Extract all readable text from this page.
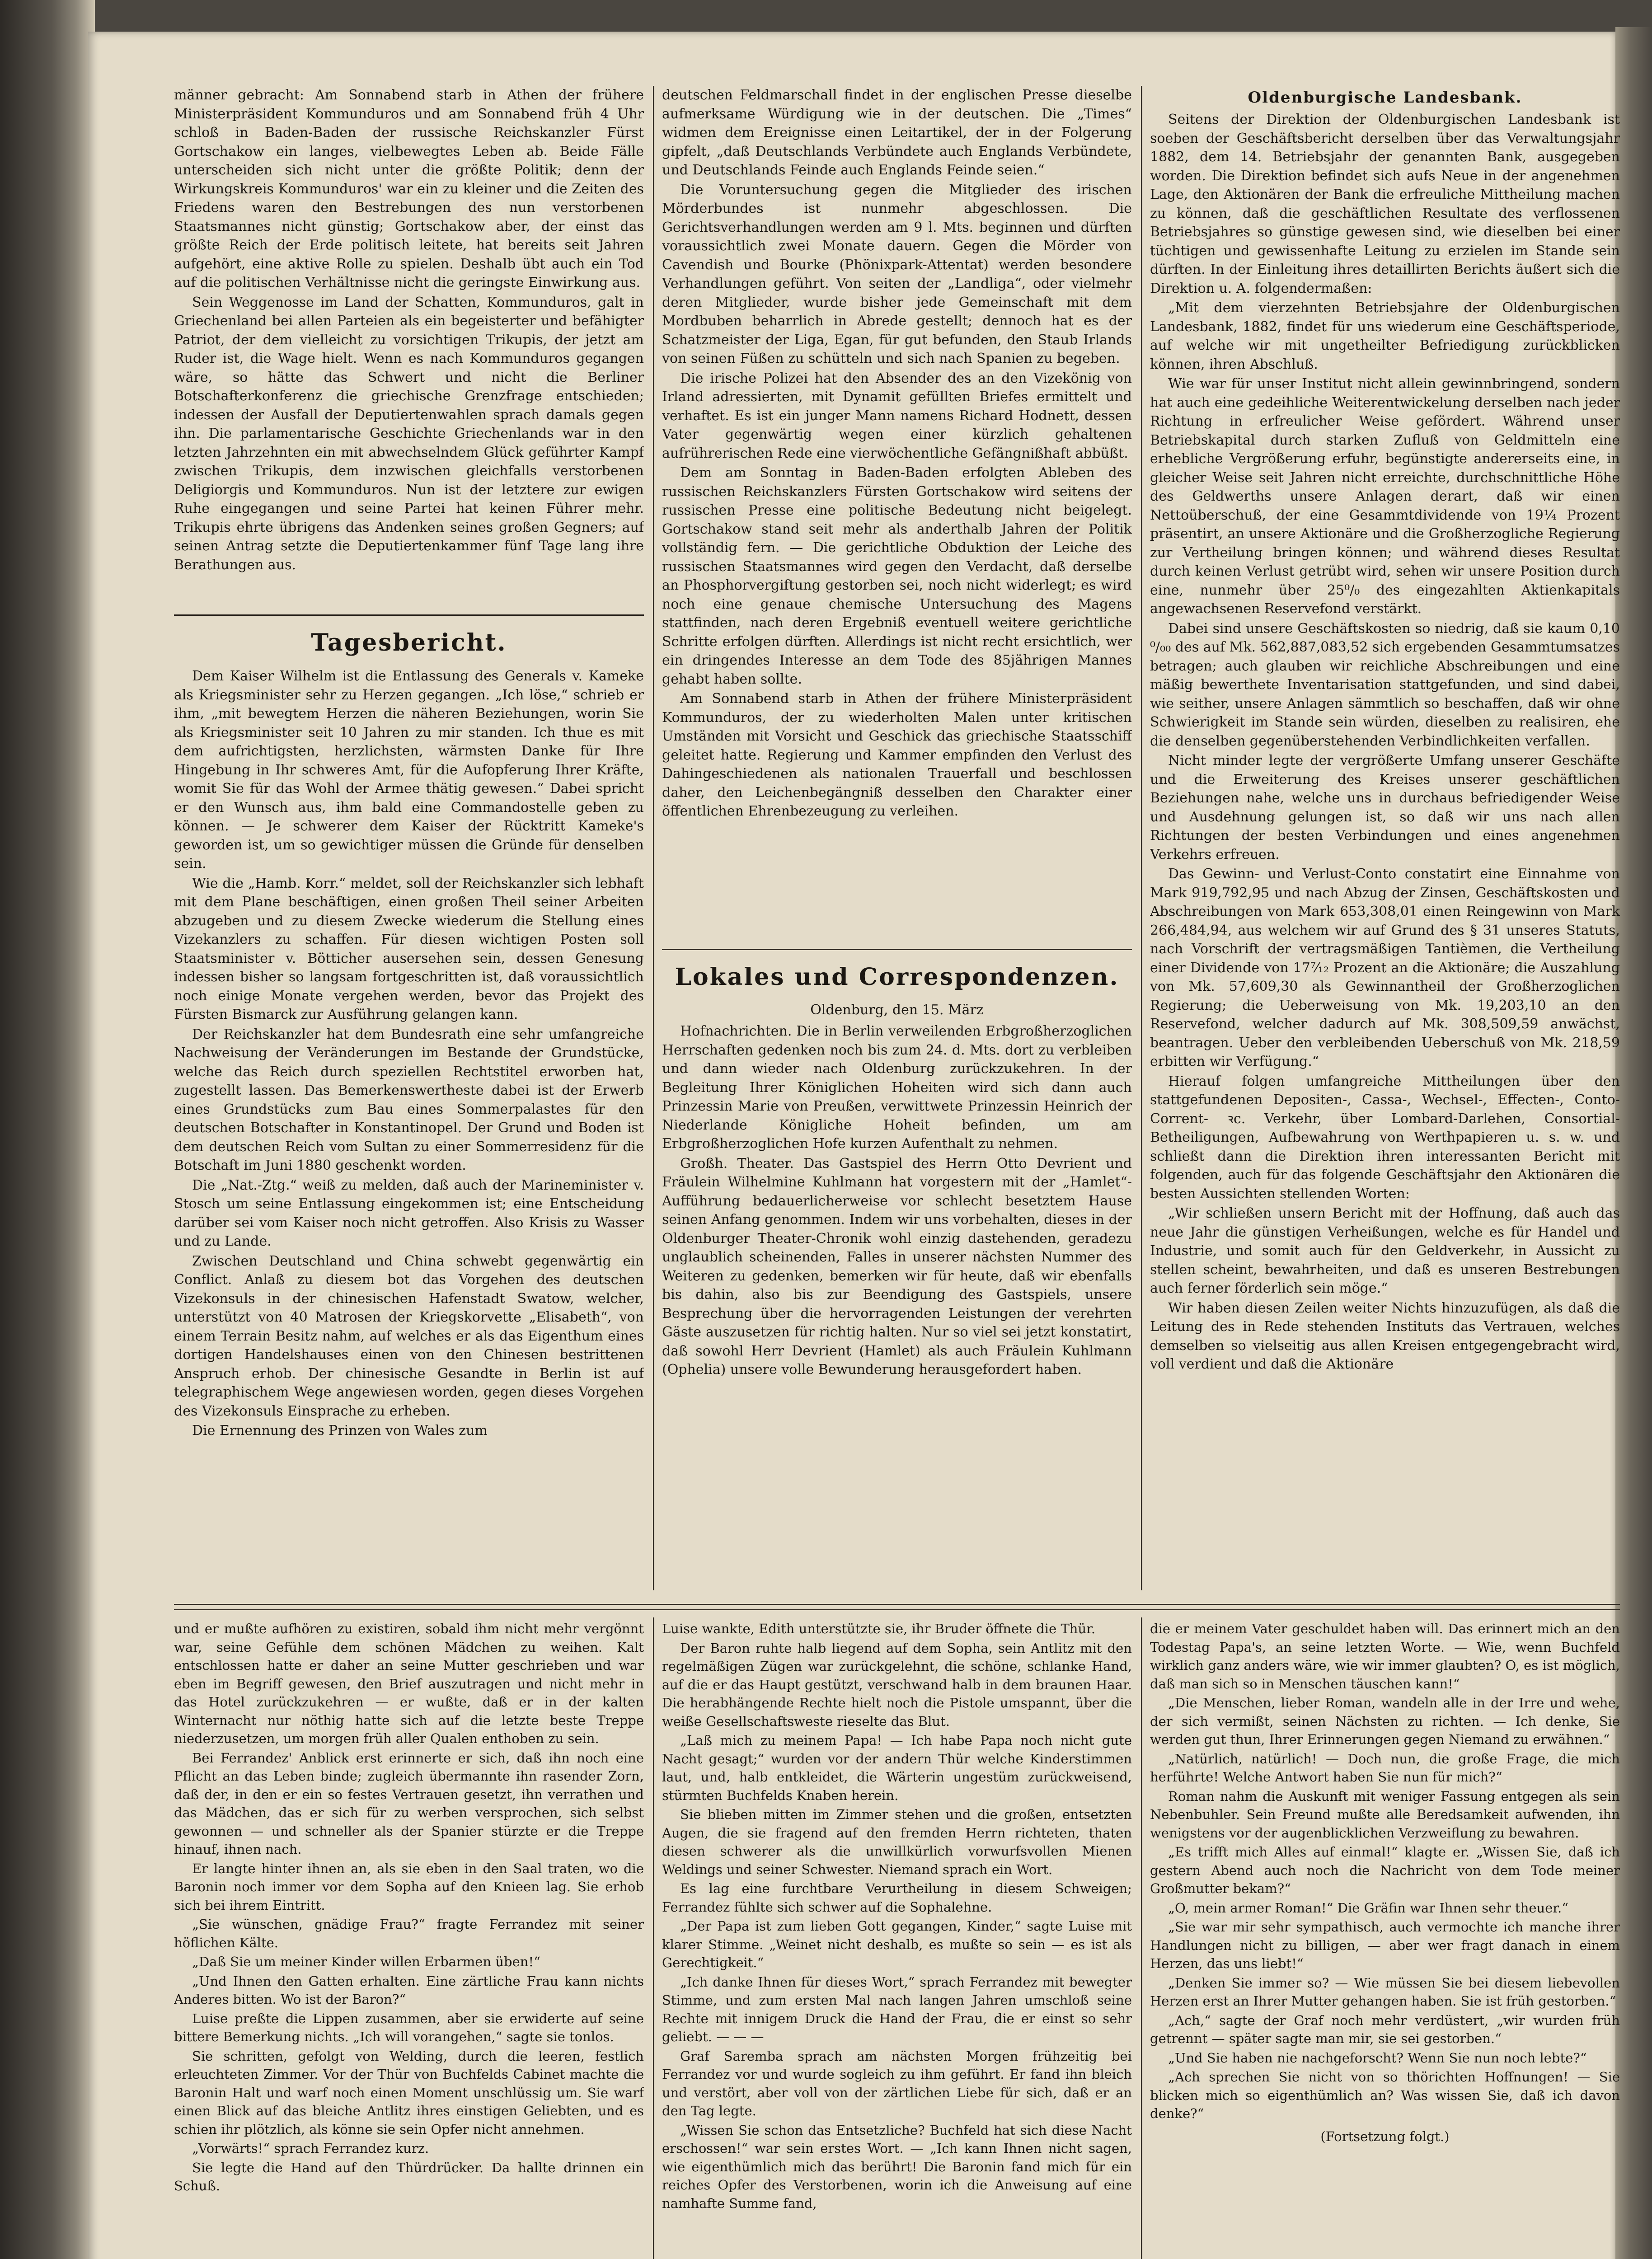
männer gebracht: Am Sonnabend starb in Athen der frühere Ministerpräsident Kommunduros und am Sonnabend früh 4 Uhr schloß in Baden-Baden der russische Reichskanzler Fürst Gortschakow ein langes, vielbewegtes Leben ab. Beide Fälle unterscheiden sich nicht unter die größte Politik; denn der Wirkungskreis Kommunduros' war ein zu kleiner und die Zeiten des Friedens waren den Bestrebungen des nun verstorbenen Staatsmannes nicht günstig; Gortschakow aber, der einst das größte Reich der Erde politisch leitete, hat bereits seit Jahren aufgehört, eine aktive Rolle zu spielen. Deshalb übt auch ein Tod auf die politischen Verhältnisse nicht die geringste Einwirkung aus.

Sein Weggenosse im Land der Schatten, Kommunduros, galt in Griechenland bei allen Parteien als ein begeisterter und befähigter Patriot, der dem vielleicht zu vorsichtigen Trikupis, der jetzt am Ruder ist, die Wage hielt. Wenn es nach Kommunduros gegangen wäre, so hätte das Schwert und nicht die Berliner Botschafterkonferenz die griechische Grenzfrage entschieden; indessen der Ausfall der Deputiertenwahlen sprach damals gegen ihn. Die parlamentarische Geschichte Griechenlands war in den letzten Jahrzehnten ein mit abwechselndem Glück geführter Kampf zwischen Trikupis, dem inzwischen gleichfalls verstorbenen Deligiorgis und Kommunduros. Nun ist der letztere zur ewigen Ruhe eingegangen und seine Partei hat keinen Führer mehr. Trikupis ehrte übrigens das Andenken seines großen Gegners; auf seinen Antrag setzte die Deputiertenkammer fünf Tage lang ihre Berathungen aus.

Tagesbericht.

Dem Kaiser Wilhelm ist die Entlassung des Generals v. Kameke als Kriegsminister sehr zu Herzen gegangen. „Ich löse,“ schrieb er ihm, „mit bewegtem Herzen die näheren Beziehungen, worin Sie als Kriegsminister seit 10 Jahren zu mir standen. Ich thue es mit dem aufrichtigsten, herzlichsten, wärmsten Danke für Ihre Hingebung in Ihr schweres Amt, für die Aufopferung Ihrer Kräfte, womit Sie für das Wohl der Armee thätig gewesen.“ Dabei spricht er den Wunsch aus, ihm bald eine Commandostelle geben zu können. — Je schwerer dem Kaiser der Rücktritt Kameke's geworden ist, um so gewichtiger müssen die Gründe für denselben sein.

Wie die „Hamb. Korr.“ meldet, soll der Reichskanzler sich lebhaft mit dem Plane beschäftigen, einen großen Theil seiner Arbeiten abzugeben und zu diesem Zwecke wiederum die Stellung eines Vizekanzlers zu schaffen. Für diesen wichtigen Posten soll Staatsminister v. Bötticher ausersehen sein, dessen Genesung indessen bisher so langsam fortgeschritten ist, daß voraussichtlich noch einige Monate vergehen werden, bevor das Projekt des Fürsten Bismarck zur Ausführung gelangen kann.

Der Reichskanzler hat dem Bundesrath eine sehr umfangreiche Nachweisung der Veränderungen im Bestande der Grundstücke, welche das Reich durch speziellen Rechtstitel erworben hat, zugestellt lassen. Das Bemerkenswertheste dabei ist der Erwerb eines Grundstücks zum Bau eines Sommerpalastes für den deutschen Botschafter in Konstantinopel. Der Grund und Boden ist dem deutschen Reich vom Sultan zu einer Sommerresidenz für die Botschaft im Juni 1880 geschenkt worden.

Die „Nat.-Ztg.“ weiß zu melden, daß auch der Marineminister v. Stosch um seine Entlassung eingekommen ist; eine Entscheidung darüber sei vom Kaiser noch nicht getroffen. Also Krisis zu Wasser und zu Lande.

Zwischen Deutschland und China schwebt gegenwärtig ein Conflict. Anlaß zu diesem bot das Vorgehen des deutschen Vizekonsuls in der chinesischen Hafenstadt Swatow, welcher, unterstützt von 40 Matrosen der Kriegskorvette „Elisabeth“, von einem Terrain Besitz nahm, auf welches er als das Eigenthum eines dortigen Handelshauses einen von den Chinesen bestrittenen Anspruch erhob. Der chinesische Gesandte in Berlin ist auf telegraphischem Wege angewiesen worden, gegen dieses Vorgehen des Vizekonsuls Einsprache zu erheben.

Die Ernennung des Prinzen von Wales zum

deutschen Feldmarschall findet in der englischen Presse dieselbe aufmerksame Würdigung wie in der deutschen. Die „Times“ widmen dem Ereignisse einen Leitartikel, der in der Folgerung gipfelt, „daß Deutschlands Verbündete auch Englands Verbündete, und Deutschlands Feinde auch Englands Feinde seien.“

Die Voruntersuchung gegen die Mitglieder des irischen Mörderbundes ist nunmehr abgeschlossen. Die Gerichtsverhandlungen werden am 9 l. Mts. beginnen und dürften voraussichtlich zwei Monate dauern. Gegen die Mörder von Cavendish und Bourke (Phönixpark-Attentat) werden besondere Verhandlungen geführt. Von seiten der „Landliga“, oder vielmehr deren Mitglieder, wurde bisher jede Gemeinschaft mit dem Mordbuben beharrlich in Abrede gestellt; dennoch hat es der Schatzmeister der Liga, Egan, für gut befunden, den Staub Irlands von seinen Füßen zu schütteln und sich nach Spanien zu begeben.

Die irische Polizei hat den Absender des an den Vizekönig von Irland adressierten, mit Dynamit gefüllten Briefes ermittelt und verhaftet. Es ist ein junger Mann namens Richard Hodnett, dessen Vater gegenwärtig wegen einer kürzlich gehaltenen aufrührerischen Rede eine vierwöchentliche Gefängnißhaft abbüßt.

Dem am Sonntag in Baden-Baden erfolgten Ableben des russischen Reichskanzlers Fürsten Gortschakow wird seitens der russischen Presse eine politische Bedeutung nicht beigelegt. Gortschakow stand seit mehr als anderthalb Jahren der Politik vollständig fern. — Die gerichtliche Obduktion der Leiche des russischen Staatsmannes wird gegen den Verdacht, daß derselbe an Phosphorvergiftung gestorben sei, noch nicht widerlegt; es wird noch eine genaue chemische Untersuchung des Magens stattfinden, nach deren Ergebniß eventuell weitere gerichtliche Schritte erfolgen dürften. Allerdings ist nicht recht ersichtlich, wer ein dringendes Interesse an dem Tode des 85jährigen Mannes gehabt haben sollte.

Am Sonnabend starb in Athen der frühere Ministerpräsident Kommunduros, der zu wiederholten Malen unter kritischen Umständen mit Vorsicht und Geschick das griechische Staatsschiff geleitet hatte. Regierung und Kammer empfinden den Verlust des Dahingeschiedenen als nationalen Trauerfall und beschlossen daher, den Leichenbegängniß desselben den Charakter einer öffentlichen Ehrenbezeugung zu verleihen.

Lokales und Correspondenzen.
Oldenburg, den 15. März

Hofnachrichten. Die in Berlin verweilenden Erbgroßherzoglichen Herrschaften gedenken noch bis zum 24. d. Mts. dort zu verbleiben und dann wieder nach Oldenburg zurückzukehren. In der Begleitung Ihrer Königlichen Hoheiten wird sich dann auch Prinzessin Marie von Preußen, verwittwete Prinzessin Heinrich der Niederlande Königliche Hoheit befinden, um am Erbgroßherzoglichen Hofe kurzen Aufenthalt zu nehmen.

Großh. Theater. Das Gastspiel des Herrn Otto Devrient und Fräulein Wilhelmine Kuhlmann hat vorgestern mit der „Hamlet“-Aufführung bedauerlicherweise vor schlecht besetztem Hause seinen Anfang genommen. Indem wir uns vorbehalten, dieses in der Oldenburger Theater-Chronik wohl einzig dastehenden, geradezu unglaublich scheinenden, Falles in unserer nächsten Nummer des Weiteren zu gedenken, bemerken wir für heute, daß wir ebenfalls bis dahin, also bis zur Beendigung des Gastspiels, unsere Besprechung über die hervorragenden Leistungen der verehrten Gäste auszusetzen für richtig halten. Nur so viel sei jetzt konstatirt, daß sowohl Herr Devrient (Hamlet) als auch Fräulein Kuhlmann (Ophelia) unsere volle Bewunderung herausgefordert haben.

Oldenburgische Landesbank.

Seitens der Direktion der Oldenburgischen Landesbank ist soeben der Geschäftsbericht derselben über das Verwaltungsjahr 1882, dem 14. Betriebsjahr der genannten Bank, ausgegeben worden. Die Direktion befindet sich aufs Neue in der angenehmen Lage, den Aktionären der Bank die erfreuliche Mittheilung machen zu können, daß die geschäftlichen Resultate des verflossenen Betriebsjahres so günstige gewesen sind, wie dieselben bei einer tüchtigen und gewissenhafte Leitung zu erzielen im Stande sein dürften. In der Einleitung ihres detaillirten Berichts äußert sich die Direktion u. A. folgendermaßen:

„Mit dem vierzehnten Betriebsjahre der Oldenburgischen Landesbank, 1882, findet für uns wiederum eine Geschäftsperiode, auf welche wir mit ungetheilter Befriedigung zurückblicken können, ihren Abschluß.

Wie war für unser Institut nicht allein gewinnbringend, sondern hat auch eine gedeihliche Weiterentwickelung derselben nach jeder Richtung in erfreulicher Weise gefördert. Während unser Betriebskapital durch starken Zufluß von Geldmitteln eine erhebliche Vergrößerung erfuhr, begünstigte andererseits eine, in gleicher Weise seit Jahren nicht erreichte, durchschnittliche Höhe des Geldwerths unsere Anlagen derart, daß wir einen Nettoüberschuß, der eine Gesammtdividende von 19¼ Prozent präsentirt, an unsere Aktionäre und die Großherzogliche Regierung zur Vertheilung bringen können; und während dieses Resultat durch keinen Verlust getrübt wird, sehen wir unsere Position durch eine, nunmehr über 25⁰/₀ des eingezahlten Aktienkapitals angewachsenen Reservefond verstärkt.

Dabei sind unsere Geschäftskosten so niedrig, daß sie kaum 0,10 ⁰/₀₀ des auf Mk. 562,887,083,52 sich ergebenden Gesammtumsatzes betragen; auch glauben wir reichliche Abschreibungen und eine mäßig bewerthete Inventarisation stattgefunden, und sind dabei, wie seither, unsere Anlagen sämmtlich so beschaffen, daß wir ohne Schwierigkeit im Stande sein würden, dieselben zu realisiren, ehe die denselben gegenüberstehenden Verbindlichkeiten verfallen.

Nicht minder legte der vergrößerte Umfang unserer Geschäfte und die Erweiterung des Kreises unserer geschäftlichen Beziehungen nahe, welche uns in durchaus befriedigender Weise und Ausdehnung gelungen ist, so daß wir uns nach allen Richtungen der besten Verbindungen und eines angenehmen Verkehrs erfreuen.

Das Gewinn- und Verlust-Conto constatirt eine Einnahme von Mark 919,792,95 und nach Abzug der Zinsen, Geschäftskosten und Abschreibungen von Mark 653,308,01 einen Reingewinn von Mark 266,484,94, aus welchem wir auf Grund des § 31 unseres Statuts, nach Vorschrift der vertragsmäßigen Tantièmen, die Vertheilung einer Dividende von 17⁷⁄₁₂ Prozent an die Aktionäre; die Auszahlung von Mk. 57,609,30 als Gewinnantheil der Großherzoglichen Regierung; die Ueberweisung von Mk. 19,203,10 an den Reservefond, welcher dadurch auf Mk. 308,509,59 anwächst, beantragen. Ueber den verbleibenden Ueberschuß von Mk. 218,59 erbitten wir Verfügung.“

Hierauf folgen umfangreiche Mittheilungen über den stattgefundenen Depositen-, Cassa-, Wechsel-, Effecten-, Conto-Corrent- ꝛc. Verkehr, über Lombard-Darlehen, Consortial-Betheiligungen, Aufbewahrung von Werthpapieren u. s. w. und schließt dann die Direktion ihren interessanten Bericht mit folgenden, auch für das folgende Geschäftsjahr den Aktionären die besten Aussichten stellenden Worten:

„Wir schließen unsern Bericht mit der Hoffnung, daß auch das neue Jahr die günstigen Verheißungen, welche es für Handel und Industrie, und somit auch für den Geldverkehr, in Aussicht zu stellen scheint, bewahrheiten, und daß es unseren Bestrebungen auch ferner förderlich sein möge.“

Wir haben diesen Zeilen weiter Nichts hinzuzufügen, als daß die Leitung des in Rede stehenden Instituts das Vertrauen, welches demselben so vielseitig aus allen Kreisen entgegengebracht wird, voll verdient und daß die Aktionäre

und er mußte aufhören zu existiren, sobald ihm nicht mehr vergönnt war, seine Gefühle dem schönen Mädchen zu weihen. Kalt entschlossen hatte er daher an seine Mutter geschrieben und war eben im Begriff gewesen, den Brief auszutragen und nicht mehr in das Hotel zurückzukehren — er wußte, daß er in der kalten Winternacht nur nöthig hatte sich auf die letzte beste Treppe niederzusetzen, um morgen früh aller Qualen enthoben zu sein.

Bei Ferrandez' Anblick erst erinnerte er sich, daß ihn noch eine Pflicht an das Leben binde; zugleich übermannte ihn rasender Zorn, daß der, in den er ein so festes Vertrauen gesetzt, ihn verrathen und das Mädchen, das er sich für zu werben versprochen, sich selbst gewonnen — und schneller als der Spanier stürzte er die Treppe hinauf, ihnen nach.

Er langte hinter ihnen an, als sie eben in den Saal traten, wo die Baronin noch immer vor dem Sopha auf den Knieen lag. Sie erhob sich bei ihrem Eintritt.

„Sie wünschen, gnädige Frau?“ fragte Ferrandez mit seiner höflichen Kälte.

„Daß Sie um meiner Kinder willen Erbarmen üben!“

„Und Ihnen den Gatten erhalten. Eine zärtliche Frau kann nichts Anderes bitten. Wo ist der Baron?“

Luise preßte die Lippen zusammen, aber sie erwiderte auf seine bittere Bemerkung nichts. „Ich will vorangehen,“ sagte sie tonlos.

Sie schritten, gefolgt von Welding, durch die leeren, festlich erleuchteten Zimmer. Vor der Thür von Buchfelds Cabinet machte die Baronin Halt und warf noch einen Moment unschlüssig um. Sie warf einen Blick auf das bleiche Antlitz ihres einstigen Geliebten, und es schien ihr plötzlich, als könne sie sein Opfer nicht annehmen.

„Vorwärts!“ sprach Ferrandez kurz.

Sie legte die Hand auf den Thürdrücker. Da hallte drinnen ein Schuß.

Luise wankte, Edith unterstützte sie, ihr Bruder öffnete die Thür.

Der Baron ruhte halb liegend auf dem Sopha, sein Antlitz mit den regelmäßigen Zügen war zurückgelehnt, die schöne, schlanke Hand, auf die er das Haupt gestützt, verschwand halb in dem braunen Haar. Die herabhängende Rechte hielt noch die Pistole umspannt, über die weiße Gesellschaftsweste rieselte das Blut.

„Laß mich zu meinem Papa! — Ich habe Papa noch nicht gute Nacht gesagt;“ wurden vor der andern Thür welche Kinderstimmen laut, und, halb entkleidet, die Wärterin ungestüm zurückweisend, stürmten Buchfelds Knaben herein.

Sie blieben mitten im Zimmer stehen und die großen, entsetzten Augen, die sie fragend auf den fremden Herrn richteten, thaten diesen schwerer als die unwillkürlich vorwurfsvollen Mienen Weldings und seiner Schwester. Niemand sprach ein Wort.

Es lag eine furchtbare Verurtheilung in diesem Schweigen; Ferrandez fühlte sich schwer auf die Sophalehne.

„Der Papa ist zum lieben Gott gegangen, Kinder,“ sagte Luise mit klarer Stimme. „Weinet nicht deshalb, es mußte so sein — es ist als Gerechtigkeit.“

„Ich danke Ihnen für dieses Wort,“ sprach Ferrandez mit bewegter Stimme, und zum ersten Mal nach langen Jahren umschloß seine Rechte mit innigem Druck die Hand der Frau, die er einst so sehr geliebt. — — —

Graf Saremba sprach am nächsten Morgen frühzeitig bei Ferrandez vor und wurde sogleich zu ihm geführt. Er fand ihn bleich und verstört, aber voll von der zärtlichen Liebe für sich, daß er an den Tag legte.

„Wissen Sie schon das Entsetzliche? Buchfeld hat sich diese Nacht erschossen!“ war sein erstes Wort. — „Ich kann Ihnen nicht sagen, wie eigenthümlich mich das berührt! Die Baronin fand mich für ein reiches Opfer des Verstorbenen, worin ich die Anweisung auf eine namhafte Summe fand,

die er meinem Vater geschuldet haben will. Das erinnert mich an den Todestag Papa's, an seine letzten Worte. — Wie, wenn Buchfeld wirklich ganz anders wäre, wie wir immer glaubten? O, es ist möglich, daß man sich so in Menschen täuschen kann!“

„Die Menschen, lieber Roman, wandeln alle in der Irre und wehe, der sich vermißt, seinen Nächsten zu richten. — Ich denke, Sie werden gut thun, Ihrer Erinnerungen gegen Niemand zu erwähnen.“

„Natürlich, natürlich! — Doch nun, die große Frage, die mich herführte! Welche Antwort haben Sie nun für mich?“

Roman nahm die Auskunft mit weniger Fassung entgegen als sein Nebenbuhler. Sein Freund mußte alle Beredsamkeit aufwenden, ihn wenigstens vor der augenblicklichen Verzweiflung zu bewahren.

„Es trifft mich Alles auf einmal!“ klagte er. „Wissen Sie, daß ich gestern Abend auch noch die Nachricht von dem Tode meiner Großmutter bekam?“

„O, mein armer Roman!“ Die Gräfin war Ihnen sehr theuer.“

„Sie war mir sehr sympathisch, auch vermochte ich manche ihrer Handlungen nicht zu billigen, — aber wer fragt danach in einem Herzen, das uns liebt!“

„Denken Sie immer so? — Wie müssen Sie bei diesem liebevollen Herzen erst an Ihrer Mutter gehangen haben. Sie ist früh gestorben.“

„Ach,“ sagte der Graf noch mehr verdüstert, „wir wurden früh getrennt — später sagte man mir, sie sei gestorben.“

„Und Sie haben nie nachgeforscht? Wenn Sie nun noch lebte?“

„Ach sprechen Sie nicht von so thörichten Hoffnungen! — Sie blicken mich so eigenthümlich an? Was wissen Sie, daß ich davon denke?“

(Fortsetzung folgt.)
